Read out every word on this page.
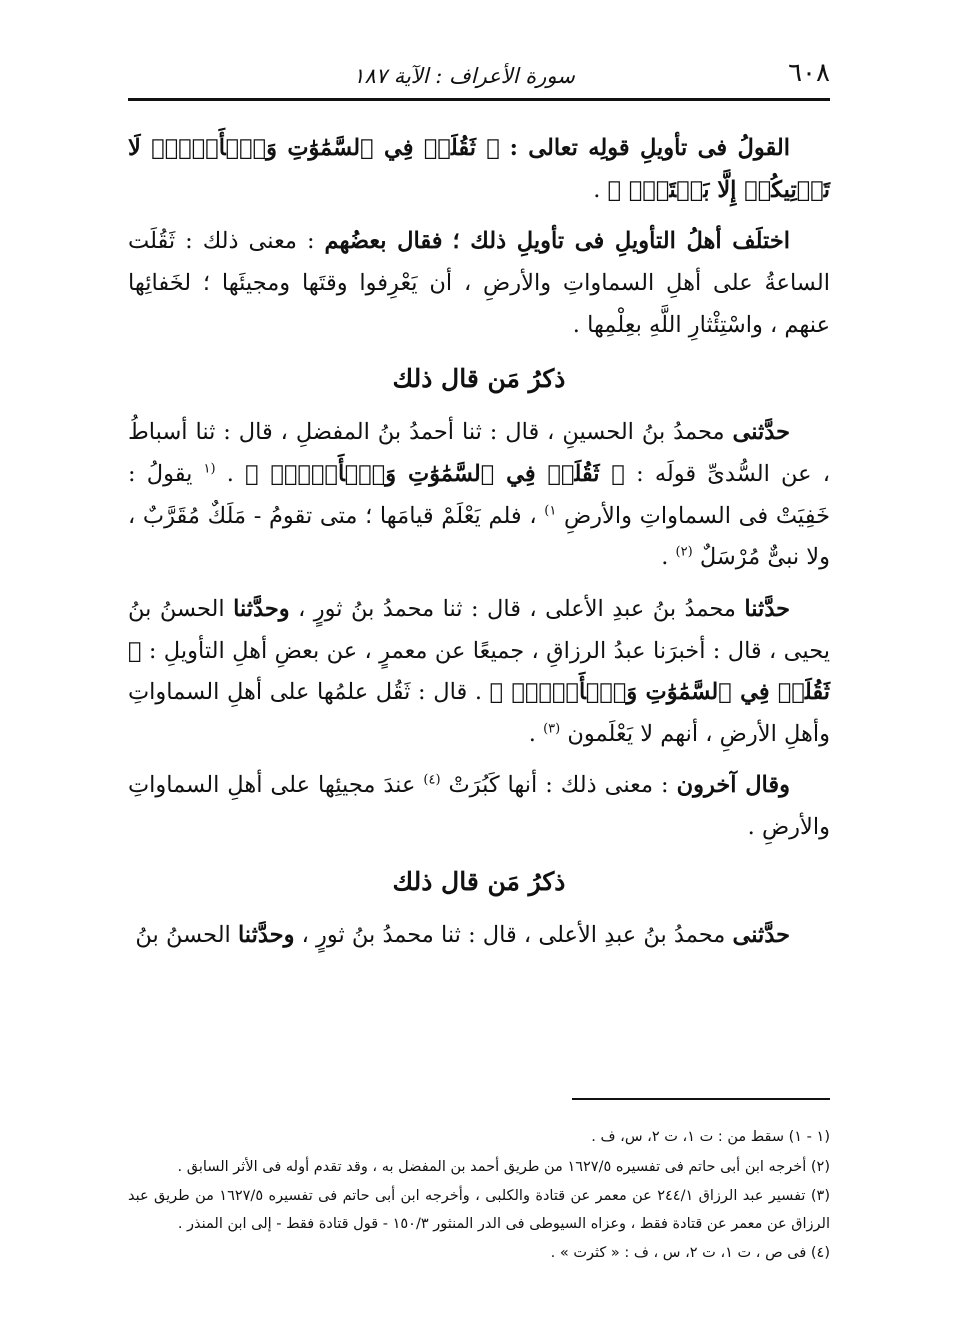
٦٠٨
سورة الأعراف : الآية ١٨٧

القولُ فى تأويلِ قولِه تعالى : ﴿ ثَقُلَتۡ فِي ٱلسَّمَٰوَٰتِ وَٱلۡأَرۡضِۚ لَا تَأۡتِيكُمۡ إِلَّا بَغۡتَةٗۗ ﴾ .

اختلَف أهلُ التأويلِ فى تأويلِ ذلك ؛ فقال بعضُهم : معنى ذلك : ثَقُلَت الساعةُ على أهلِ السماواتِ والأرضِ ، أن يَعْرِفوا وقتَها ومجيئَها ؛ لخَفائِها عنهم ، واسْتِئْثارِ اللَّهِ بعِلْمِها .

ذكرُ مَن قال ذلك

حدَّثنى محمدُ بنُ الحسينِ ، قال : ثنا أحمدُ بنُ المفضلِ ، قال : ثنا أسباطُ ، عن السُّدىِّ قولَه : ﴿ ثَقُلَتۡ فِي ٱلسَّمَٰوَٰتِ وَٱلۡأَرۡضِۚ ﴾ . $^{(١}$ يقولُ : خَفِيَتْ فى السماواتِ والأرضِ $^{١)}$ ، فلم يَعْلَمْ قيامَها ؛ متى تقومُ - مَلَكٌ مُقَرَّبٌ ، ولا نبىٌّ مُرْسَلٌ $^{(٢)}$ .

حدَّثنا محمدُ بنُ عبدِ الأعلى ، قال : ثنا محمدُ بنُ ثورٍ ، وحدَّثنا الحسنُ بنُ يحيى ، قال : أخبرَنا عبدُ الرزاقِ ، جميعًا عن معمرٍ ، عن بعضِ أهلِ التأويلِ : ﴿ ثَقُلَتۡ فِي ٱلسَّمَٰوَٰتِ وَٱلۡأَرۡضِۚ ﴾ . قال : ثَقُل علمُها على أهلِ السماواتِ وأهلِ الأرضِ ، أنهم لا يَعْلَمون $^{(٣)}$ .

وقال آخرون : معنى ذلك : أنها كَبُرَتْ $^{(٤)}$ عندَ مجيئِها على أهلِ السماواتِ والأرضِ .

ذكرُ مَن قال ذلك

حدَّثنى محمدُ بنُ عبدِ الأعلى ، قال : ثنا محمدُ بنُ ثورٍ ، وحدَّثنا الحسنُ بنُ

(١ - ١) سقط من : ت ١، ت ٢، س، ف .

(٢) أخرجه ابن أبى حاتم فى تفسيره ١٦٢٧/٥ من طريق أحمد بن المفضل به ، وقد تقدم أوله فى الأثر السابق .

(٣) تفسير عبد الرزاق ٢٤٤/١ عن معمر عن قتادة والكلبى ، وأخرجه ابن أبى حاتم فى تفسيره ١٦٢٧/٥ من طريق عبد الرزاق عن معمر عن قتادة فقط ، وعزاه السيوطى فى الدر المنثور ١٥٠/٣ - قول قتادة فقط - إلى ابن المنذر .

(٤) فى ص ، ت ١، ت ٢، س ، ف : « كثرت » .
